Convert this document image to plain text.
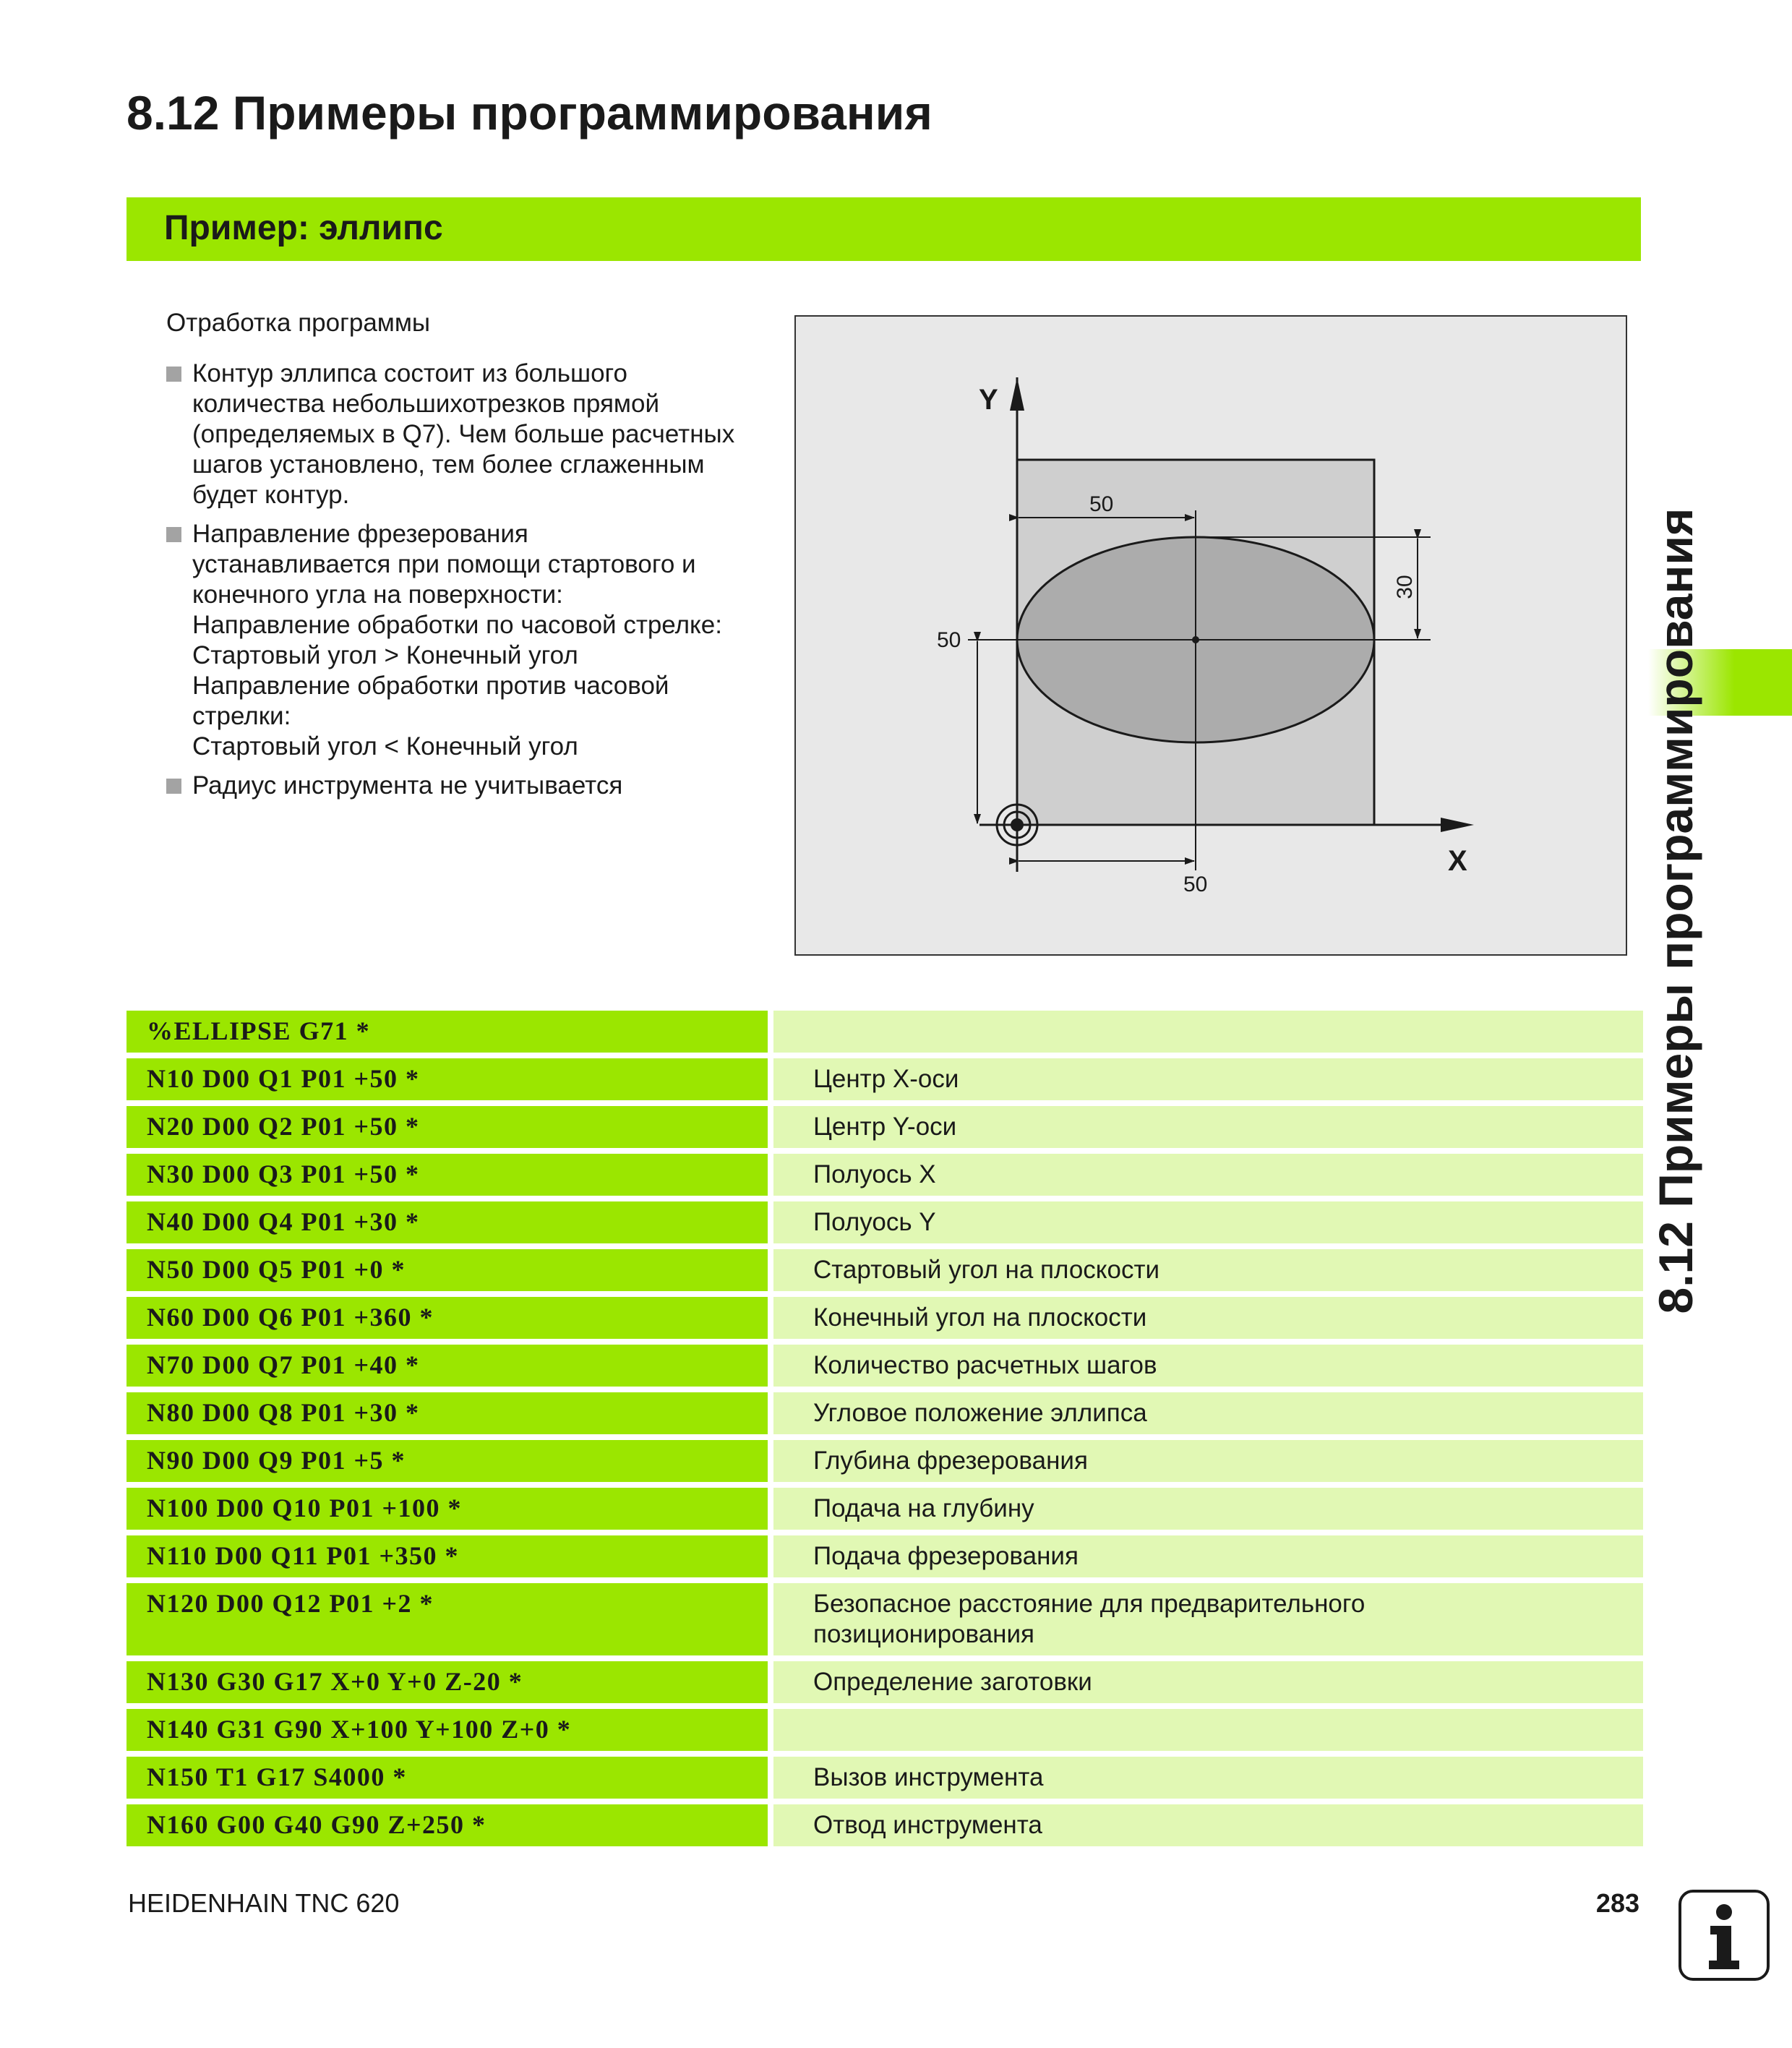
8.12 Примеры программирования
Пример: эллипс
8.12 Примеры программирования
Отработка программы
Контур эллипса состоит из большого
количества небольшихотрезков прямой
(определяемых в Q7). Чем больше расчетных
шагов установлено, тем более сглаженным
будет контур.
Направление фрезерования
устанавливается при помощи стартового и
конечного угла на поверхности:
Направление обработки по часовой стрелке:
Стартовый угол > Конечный угол
Направление обработки против часовой
стрелки:
Стартовый угол < Конечный угол
Радиус инструмента не учитывается
Y
X
50
30
50
50
%ELLIPSE G71 *

N10 D00 Q1 P01 +50 *	Центр X-оси
N20 D00 Q2 P01 +50 *	Центр Y-оси
N30 D00 Q3 P01 +50 *	Полуось X
N40 D00 Q4 P01 +30 *	Полуось Y
N50 D00 Q5 P01 +0 *	Стартовый угол на плоскости
N60 D00 Q6 P01 +360 *	Конечный угол на плоскости
N70 D00 Q7 P01 +40 *	Количество расчетных шагов
N80 D00 Q8 P01 +30 *	Угловое положение эллипса
N90 D00 Q9 P01 +5 *	Глубина фрезерования
N100 D00 Q10 P01 +100 *	Подача на глубину
N110 D00 Q11 P01 +350 *	Подача фрезерования
N120 D00 Q12 P01 +2 *	Безопасное расстояние для предварительного
позиционирования
N130 G30 G17 X+0 Y+0 Z-20 *	Определение заготовки
N140 G31 G90 X+100 Y+100 Z+0 *

N150 T1 G17 S4000 *	Вызов инструмента
N160 G00 G40 G90 Z+250 *	Отвод инструмента
HEIDENHAIN TNC 620	283
